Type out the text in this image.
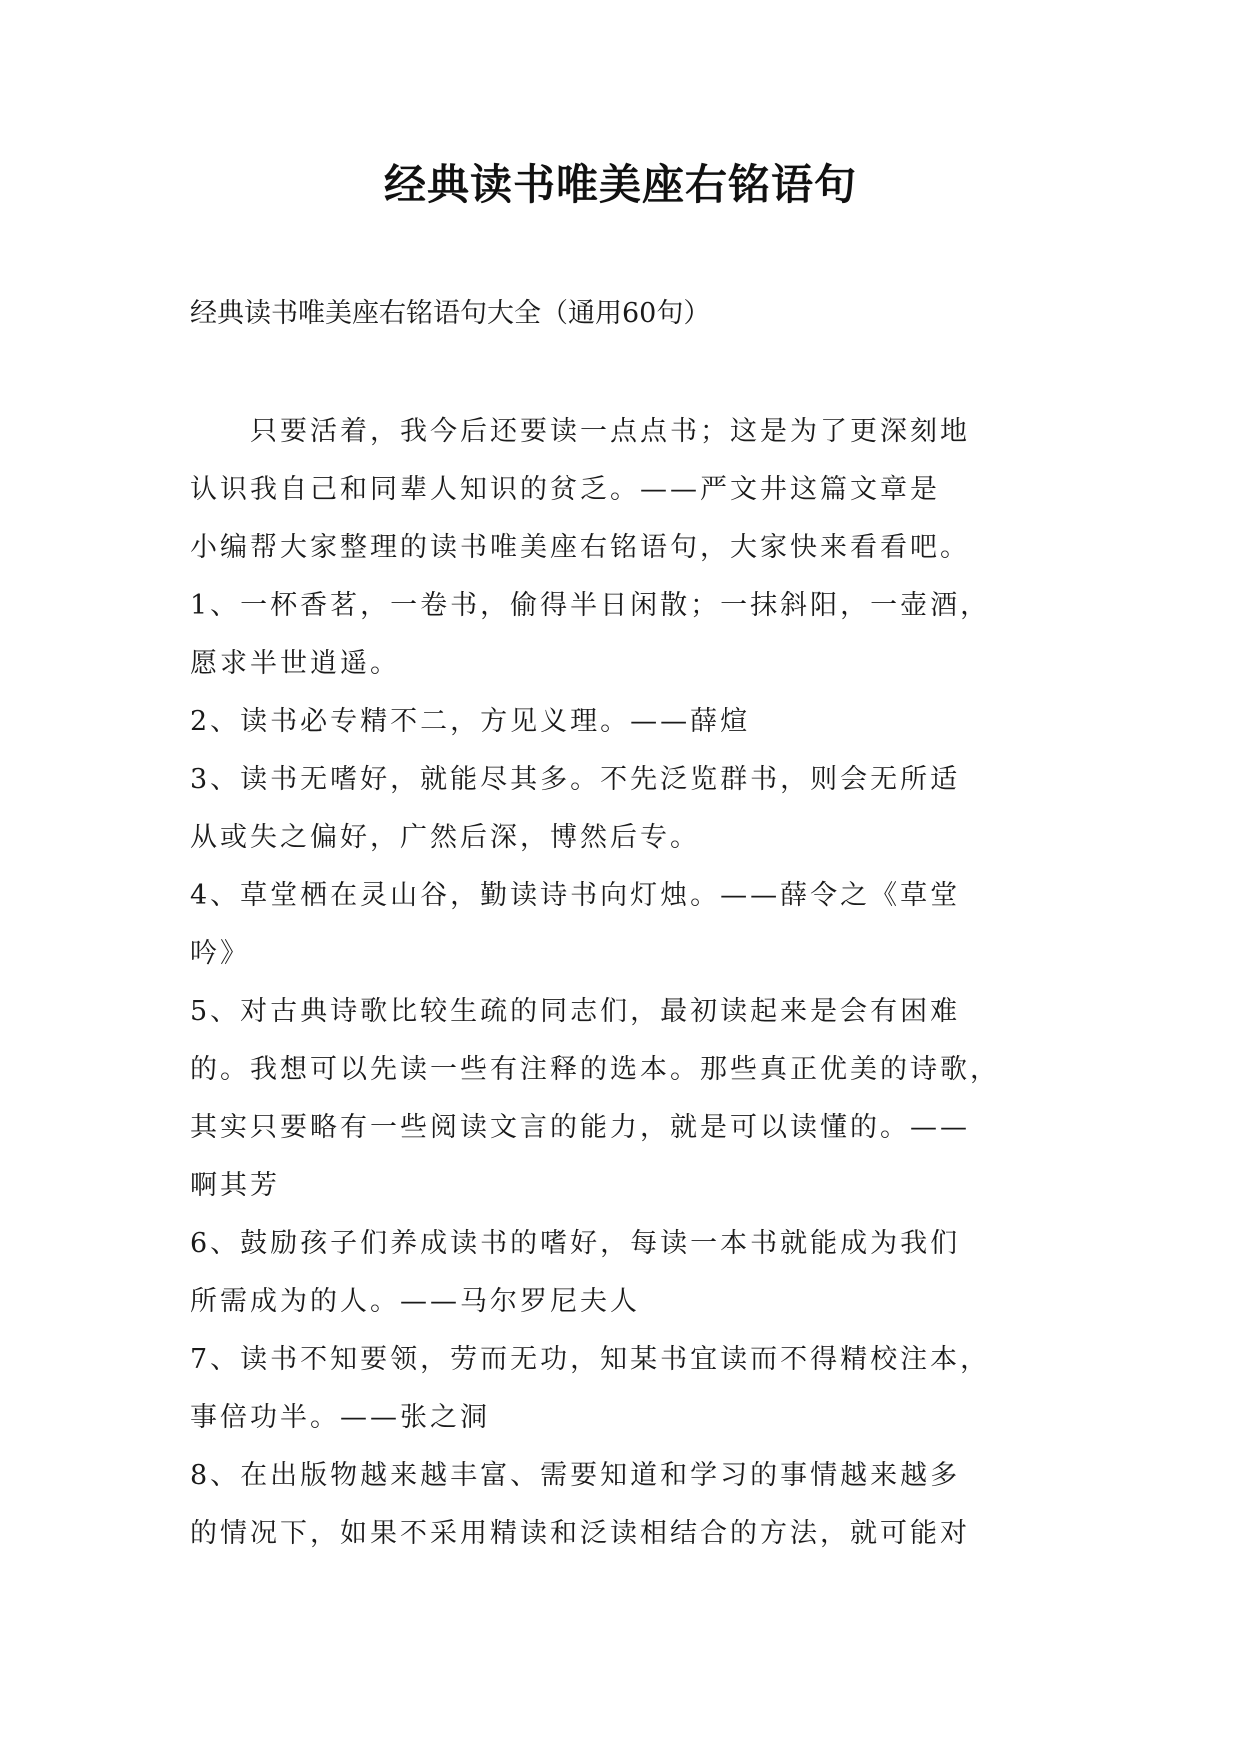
经典读书唯美座右铭语句
经典读书唯美座右铭语句大全（通用60句）
只要活着，我今后还要读一点点书；这是为了更深刻地
认识我自己和同辈人知识的贫乏。——严文井这篇文章是
小编帮大家整理的读书唯美座右铭语句，大家快来看看吧。
1、一杯香茗，一卷书，偷得半日闲散；一抹斜阳，一壶酒，
愿求半世逍遥。
2、读书必专精不二，方见义理。——薛煊
3、读书无嗜好，就能尽其多。不先泛览群书，则会无所适
从或失之偏好，广然后深，博然后专。
4、草堂栖在灵山谷，勤读诗书向灯烛。——薛令之《草堂
吟》
5、对古典诗歌比较生疏的同志们，最初读起来是会有困难
的。我想可以先读一些有注释的选本。那些真正优美的诗歌，
其实只要略有一些阅读文言的能力，就是可以读懂的。——
啊其芳
6、鼓励孩子们养成读书的嗜好，每读一本书就能成为我们
所需成为的人。——马尔罗尼夫人
7、读书不知要领，劳而无功，知某书宜读而不得精校注本，
事倍功半。——张之洞
8、在出版物越来越丰富、需要知道和学习的事情越来越多
的情况下，如果不采用精读和泛读相结合的方法，就可能对
